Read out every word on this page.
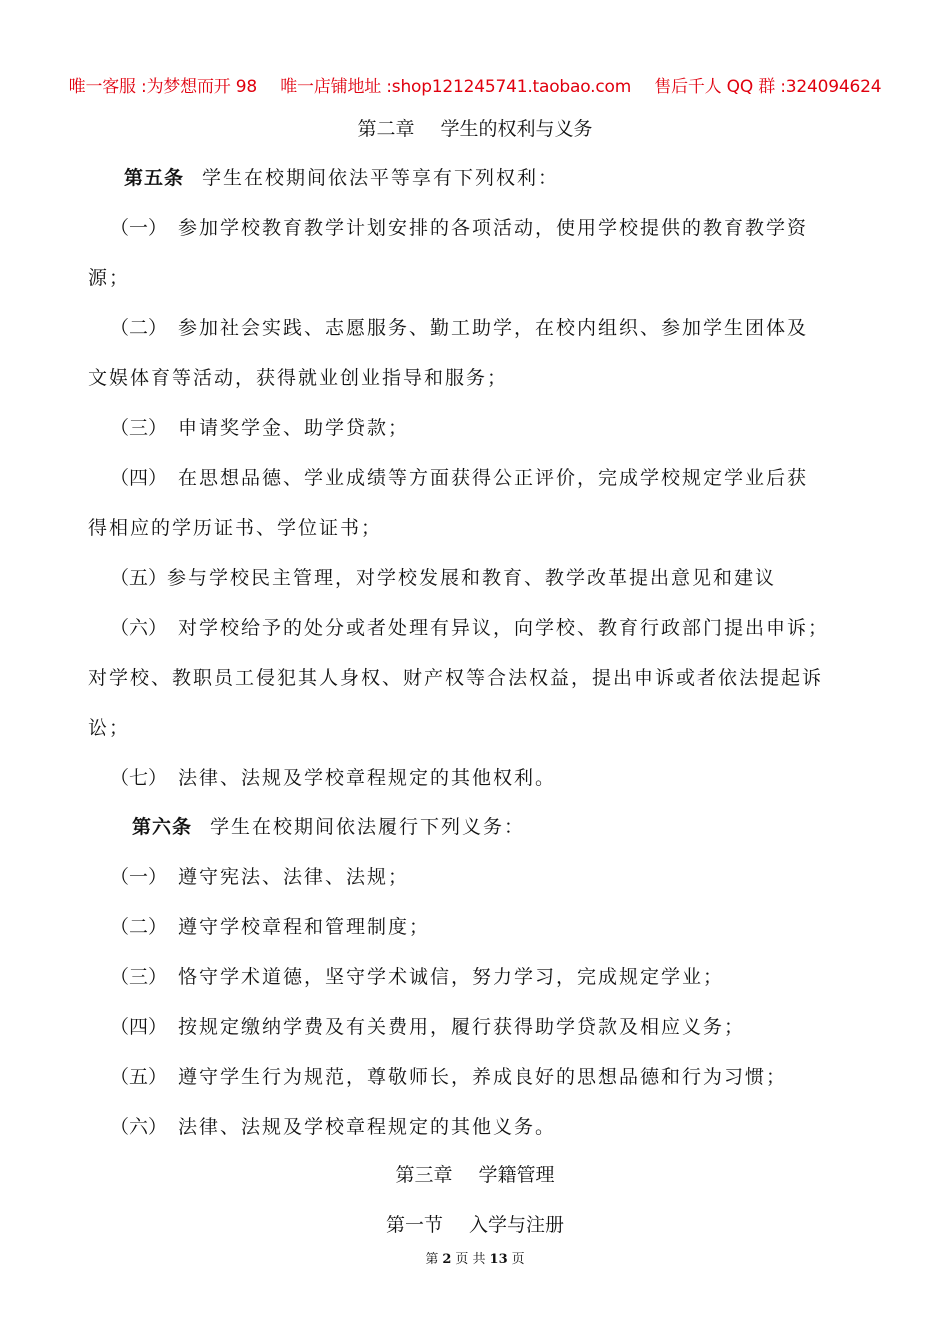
唯一客服 :为梦想而开 98 唯一店铺地址 :shop121245741.taobao.com 售后千人 QQ 群 :324094624
第二章 学生的权利与义务
第五条 学生在校期间依法平等享有下列权利：
（一） 参加学校教育教学计划安排的各项活动，使用学校提供的教育教学资
源；
（二） 参加社会实践、志愿服务、勤工助学，在校内组织、参加学生团体及
文娱体育等活动，获得就业创业指导和服务；
（三） 申请奖学金、助学贷款；
（四） 在思想品德、学业成绩等方面获得公正评价，完成学校规定学业后获
得相应的学历证书、学位证书；
（五）参与学校民主管理，对学校发展和教育、教学改革提出意见和建议
（六） 对学校给予的处分或者处理有异议，向学校、教育行政部门提出申诉；
对学校、教职员工侵犯其人身权、财产权等合法权益，提出申诉或者依法提起诉
讼；
（七） 法律、法规及学校章程规定的其他权利。
第六条 学生在校期间依法履行下列义务：
（一） 遵守宪法、法律、法规；
（二） 遵守学校章程和管理制度；
（三） 恪守学术道德，坚守学术诚信，努力学习，完成规定学业；
（四） 按规定缴纳学费及有关费用，履行获得助学贷款及相应义务；
（五） 遵守学生行为规范，尊敬师长，养成良好的思想品德和行为习惯；
（六） 法律、法规及学校章程规定的其他义务。
第三章 学籍管理
第一节 入学与注册
第 2 页 共 13 页
